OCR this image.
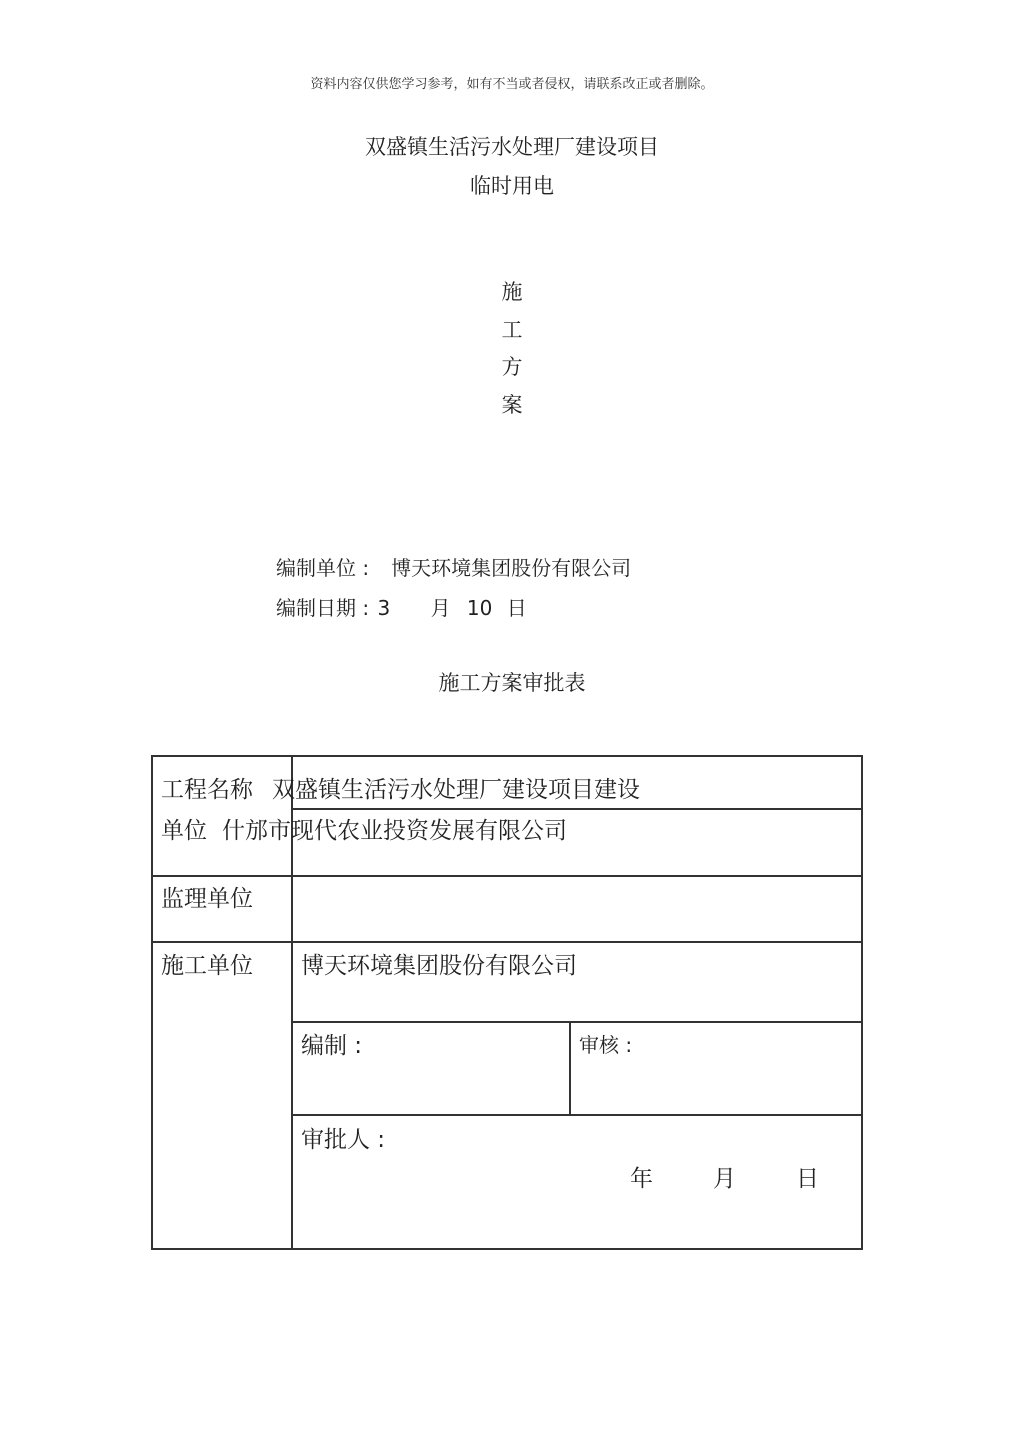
资料内容仅供您学习参考，如有不当或者侵权，请联系改正或者删除。
双盛镇生活污水处理厂建设项目
临时用电
施
工
方
案
编制单位 : 博天环境集团股份有限公司
编制日期 : 3 月 10 日
施工方案审批表
工程名称 双盛镇生活污水处理厂建设项目建设
单位 什邡市现代农业投资发展有限公司
监理单位
施工单位 博天环境集团股份有限公司
编制 :	审核 :
审批人 :
年	月	日
